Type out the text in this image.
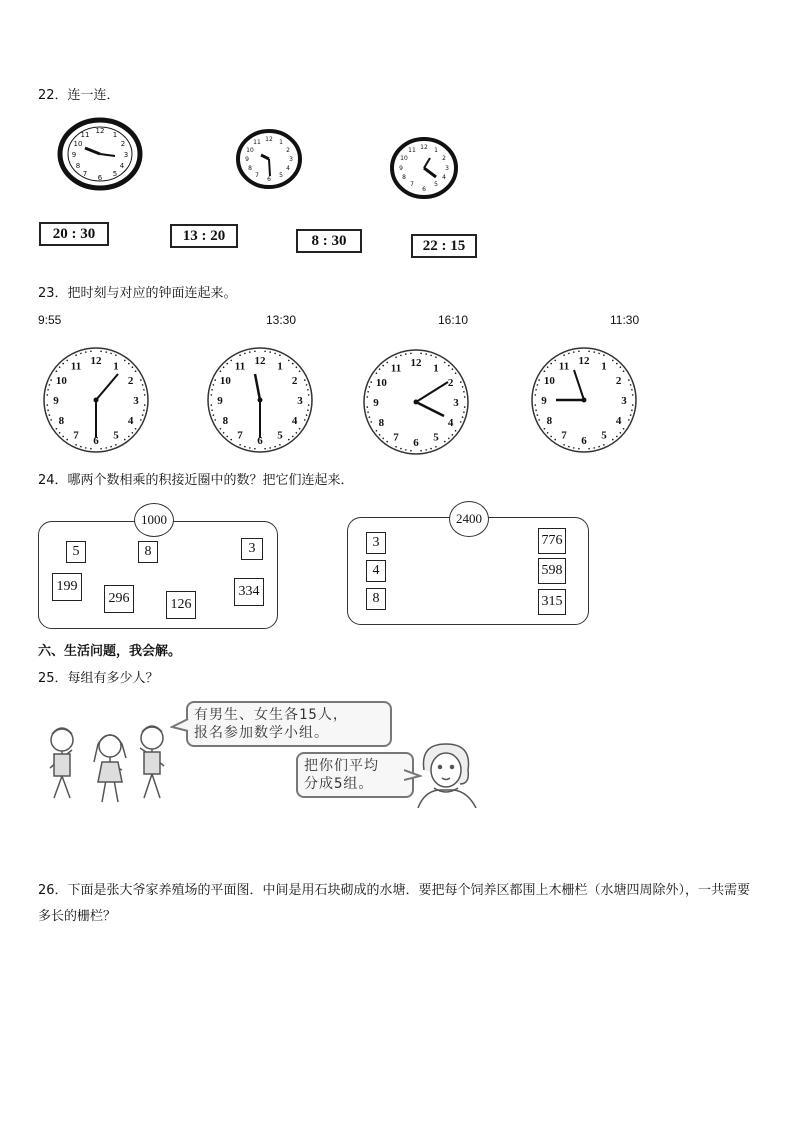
22．连一连．
12 1
2
3
4
5
6
7
8
9
10
11
12 1
2
3
4
5
6
7
8
9
10
11
12 1
2
3
4
5
6
7
8
9
10
11
20 : 30	13 : 20	8 : 30	22 : 15
23．把时刻与对应的钟面连起来。
9:55	13:30	16:10	11:30
12 1
2
3
4
5
6
7
8
9
10
11	12 1
2
3
4
5
6
7
8
9
10
11	12 1
2
3
4
5
6
7
8
9
10
11
12 1
2
3
4
5
6
7
8
9
10
11
24．哪两个数相乘的积接近圈中的数？把它们连起来．
1000
5	8	3
199
296	126
334
2400
3
4
8
776
598
315
六、生活问题，我会解。
25．每组有多少人？
有男生、女生各15人，
报名参加数学小组。
把你们平均
分成5组。
26．下面是张大爷家养殖场的平面图．中间是用石块砌成的水塘．要把每个饲养区都围上木栅栏（水塘四周除外），一共需要多长的栅栏？
